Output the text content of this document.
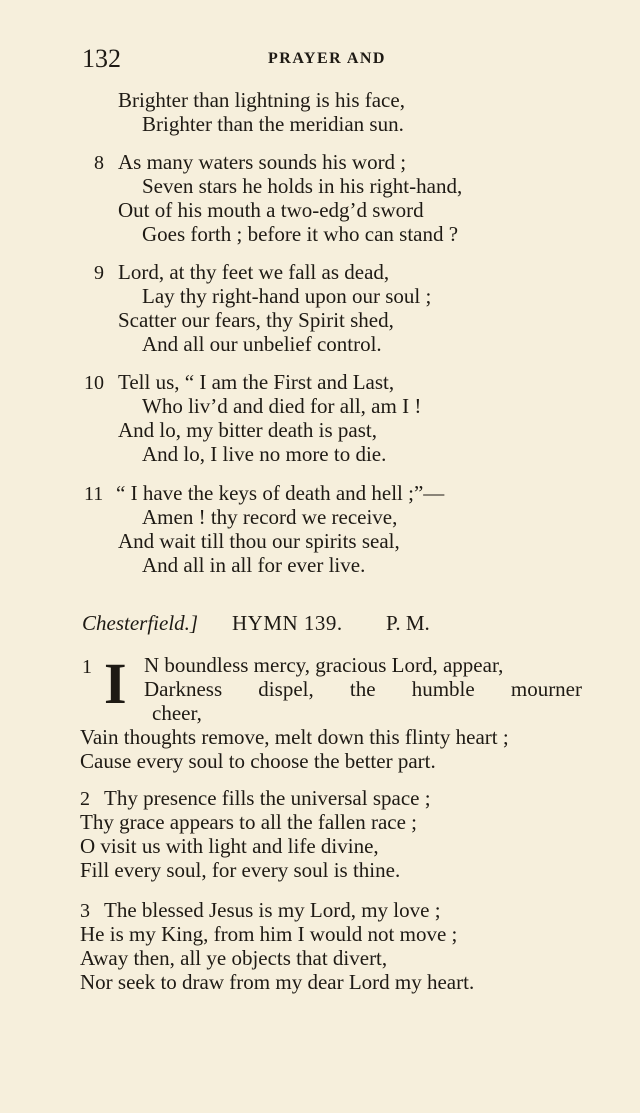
132	PRAYER AND
Brighter than lightning is his face,
Brighter than the meridian sun.
8 As many waters sounds his word ;
Seven stars he holds in his right-hand,
Out of his mouth a two-edg’d sword
Goes forth ; before it who can stand ?
9 Lord, at thy feet we fall as dead,
Lay thy right-hand upon our soul ;
Scatter our fears, thy Spirit shed,
And all our unbelief control.
10 Tell us, “ I am the First and Last,
Who liv’d and died for all, am I !
And lo, my bitter death is past,
And lo, I live no more to die.
11 “ I have the keys of death and hell ;”—
Amen ! thy record we receive,
And wait till thou our spirits seal,
And all in all for ever live.
Chesterfield.] HYMN 139. P. M.
1 I N boundless mercy, gracious Lord, appear,
Darkness dispel, the humble mourner
cheer,
Vain thoughts remove, melt down this flinty heart ;
Cause every soul to choose the better part.
2 Thy presence fills the universal space ;
Thy grace appears to all the fallen race ;
O visit us with light and life divine,
Fill every soul, for every soul is thine.
3 The blessed Jesus is my Lord, my love ;
He is my King, from him I would not move ;
Away then, all ye objects that divert,
Nor seek to draw from my dear Lord my heart.
